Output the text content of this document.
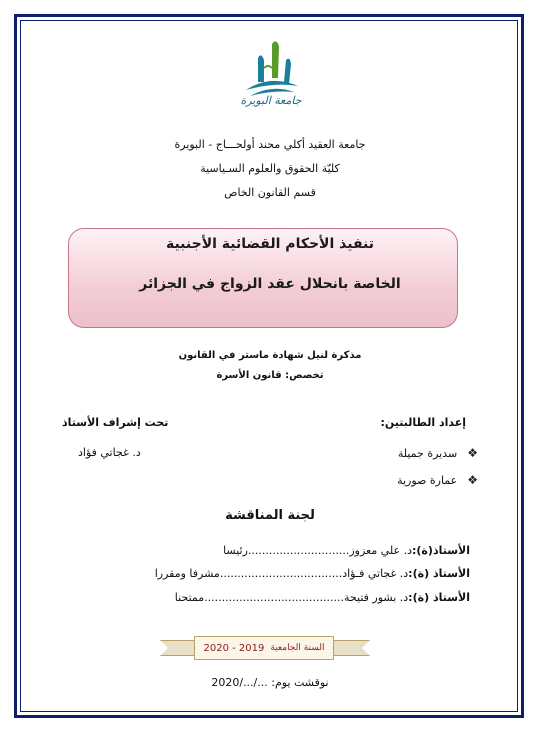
جامعة البويرة
جامعة العقيد أكلي محند أولحـــاج - البويرة
كليّة الحقوق والعلوم السـياسية
قسم القانون الخاص
تنفيذ الأحكام القضائية الأجنبية
الخاصة بانحلال عقد الزواج في الجزائر
مذكرة لنيل شهادة ماستر في القانون
تخصص: قانون الأسرة
إعداد الطالبتين:
تحت إشراف الأستاذ
❖
سديرة جميلة
❖
عمارة صورية
د. غجاتي فؤاد
لجنة المناقشة
الأستاذ(ة):
د. علي معزوز
.............................
رئيسا
الأستاذ (ة):
د. غجاتي فـؤاد
...................................
مشرفا ومقررا
الأستاذ (ة):
د. بشور فتيحة
........................................
ممتحنا
السنة الجامعية
2020 - 2019
نوقشت يوم: .../.../2020
